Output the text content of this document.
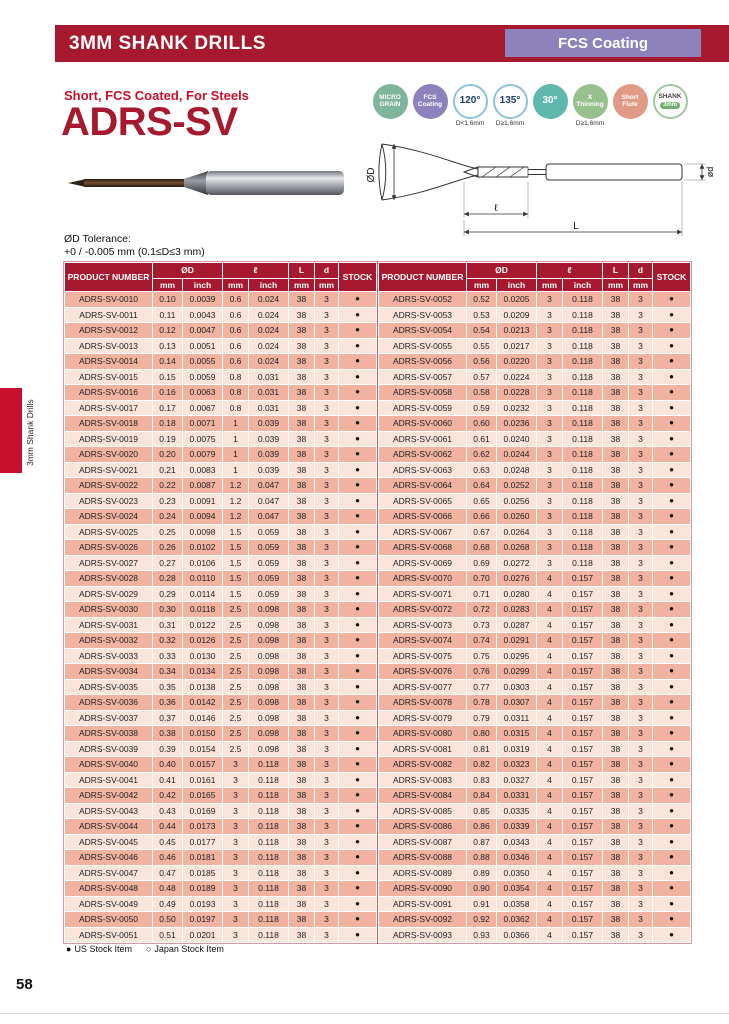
3MM SHANK DRILLS	FCS Coating
Short, FCS Coated, For Steels
ADRS-SV
MICRO
GRAIN
FCS
Coating 120°
D<1.6mm
135°
D≥1.6mm
30°	X
Thinning
D≥1.6mm
Short
Flute
SHANK
3mm
ØD
ℓ
L
ød
ØD Tolerance:
+0 / -0.005 mm (0.1≤D≤3 mm)
PRODUCT NUMBER	ØD		ℓ		L	d	STOCK
	mm	inch	mm	inch	mm	mm	
ADRS-SV-0010	0.10	0.0039	0.6	0.024	38	3	●
ADRS-SV-0011	0.11	0.0043	0.6	0.024	38	3	●
ADRS-SV-0012	0.12	0.0047	0.6	0.024	38	3	●
ADRS-SV-0013	0.13	0.0051	0.6	0.024	38	3	●
ADRS-SV-0014	0.14	0.0055	0.6	0.024	38	3	●
ADRS-SV-0015	0.15	0.0059	0.8	0.031	38	3	●
ADRS-SV-0016	0.16	0.0063	0.8	0.031	38	3	●
ADRS-SV-0017	0.17	0.0067	0.8	0.031	38	3	●
ADRS-SV-0018	0.18	0.0071	1	0.039	38	3	●
ADRS-SV-0019	0.19	0.0075	1	0.039	38	3	●
ADRS-SV-0020	0.20	0.0079	1	0.039	38	3	●
ADRS-SV-0021	0.21	0.0083	1	0.039	38	3	●
ADRS-SV-0022	0.22	0.0087	1.2	0.047	38	3	●
ADRS-SV-0023	0.23	0.0091	1.2	0.047	38	3	●
ADRS-SV-0024	0.24	0.0094	1.2	0.047	38	3	●
ADRS-SV-0025	0.25	0.0098	1.5	0.059	38	3	●
ADRS-SV-0026	0.26	0.0102	1.5	0.059	38	3	●
ADRS-SV-0027	0.27	0.0106	1.5	0.059	38	3	●
ADRS-SV-0028	0.28	0.0110	1.5	0.059	38	3	●
ADRS-SV-0029	0.29	0.0114	1.5	0.059	38	3	●
ADRS-SV-0030	0.30	0.0118	2.5	0.098	38	3	●
ADRS-SV-0031	0.31	0.0122	2.5	0.098	38	3	●
ADRS-SV-0032	0.32	0.0126	2.5	0.098	38	3	●
ADRS-SV-0033	0.33	0.0130	2.5	0.098	38	3	●
ADRS-SV-0034	0.34	0.0134	2.5	0.098	38	3	●
ADRS-SV-0035	0.35	0.0138	2.5	0.098	38	3	●
ADRS-SV-0036	0.36	0.0142	2.5	0.098	38	3	●
ADRS-SV-0037	0.37	0.0146	2.5	0.098	38	3	●
ADRS-SV-0038	0.38	0.0150	2.5	0.098	38	3	●
ADRS-SV-0039	0.39	0.0154	2.5	0.098	38	3	●
ADRS-SV-0040	0.40	0.0157	3	0.118	38	3	●
ADRS-SV-0041	0.41	0.0161	3	0.118	38	3	●
ADRS-SV-0042	0.42	0.0165	3	0.118	38	3	●
ADRS-SV-0043	0.43	0.0169	3	0.118	38	3	●
ADRS-SV-0044	0.44	0.0173	3	0.118	38	3	●
ADRS-SV-0045	0.45	0.0177	3	0.118	38	3	●
ADRS-SV-0046	0.46	0.0181	3	0.118	38	3	●
ADRS-SV-0047	0.47	0.0185	3	0.118	38	3	●
ADRS-SV-0048	0.48	0.0189	3	0.118	38	3	●
ADRS-SV-0049	0.49	0.0193	3	0.118	38	3	●
ADRS-SV-0050	0.50	0.0197	3	0.118	38	3	●
ADRS-SV-0051	0.51	0.0201	3	0.118	38	3	●
PRODUCT NUMBER	ØD		ℓ		L	d	STOCK
	mm	inch	mm	inch	mm	mm	
ADRS-SV-0052	0.52	0.0205	3	0.118	38	3	●
ADRS-SV-0053	0.53	0.0209	3	0.118	38	3	●
ADRS-SV-0054	0.54	0.0213	3	0.118	38	3	●
ADRS-SV-0055	0.55	0.0217	3	0.118	38	3	●
ADRS-SV-0056	0.56	0.0220	3	0.118	38	3	●
ADRS-SV-0057	0.57	0.0224	3	0.118	38	3	●
ADRS-SV-0058	0.58	0.0228	3	0.118	38	3	●
ADRS-SV-0059	0.59	0.0232	3	0.118	38	3	●
ADRS-SV-0060	0.60	0.0236	3	0.118	38	3	●
ADRS-SV-0061	0.61	0.0240	3	0.118	38	3	●
ADRS-SV-0062	0.62	0.0244	3	0.118	38	3	●
ADRS-SV-0063	0.63	0.0248	3	0.118	38	3	●
ADRS-SV-0064	0.64	0.0252	3	0.118	38	3	●
ADRS-SV-0065	0.65	0.0256	3	0.118	38	3	●
ADRS-SV-0066	0.66	0.0260	3	0.118	38	3	●
ADRS-SV-0067	0.67	0.0264	3	0.118	38	3	●
ADRS-SV-0068	0.68	0.0268	3	0.118	38	3	●
ADRS-SV-0069	0.69	0.0272	3	0.118	38	3	●
ADRS-SV-0070	0.70	0.0276	4	0.157	38	3	●
ADRS-SV-0071	0.71	0.0280	4	0.157	38	3	●
ADRS-SV-0072	0.72	0.0283	4	0.157	38	3	●
ADRS-SV-0073	0.73	0.0287	4	0.157	38	3	●
ADRS-SV-0074	0.74	0.0291	4	0.157	38	3	●
ADRS-SV-0075	0.75	0.0295	4	0.157	38	3	●
ADRS-SV-0076	0.76	0.0299	4	0.157	38	3	●
ADRS-SV-0077	0.77	0.0303	4	0.157	38	3	●
ADRS-SV-0078	0.78	0.0307	4	0.157	38	3	●
ADRS-SV-0079	0.79	0.0311	4	0.157	38	3	●
ADRS-SV-0080	0.80	0.0315	4	0.157	38	3	●
ADRS-SV-0081	0.81	0.0319	4	0.157	38	3	●
ADRS-SV-0082	0.82	0.0323	4	0.157	38	3	●
ADRS-SV-0083	0.83	0.0327	4	0.157	38	3	●
ADRS-SV-0084	0.84	0.0331	4	0.157	38	3	●
ADRS-SV-0085	0.85	0.0335	4	0.157	38	3	●
ADRS-SV-0086	0.86	0.0339	4	0.157	38	3	●
ADRS-SV-0087	0.87	0.0343	4	0.157	38	3	●
ADRS-SV-0088	0.88	0.0346	4	0.157	38	3	●
ADRS-SV-0089	0.89	0.0350	4	0.157	38	3	●
ADRS-SV-0090	0.90	0.0354	4	0.157	38	3	●
ADRS-SV-0091	0.91	0.0358	4	0.157	38	3	●
ADRS-SV-0092	0.92	0.0362	4	0.157	38	3	●
ADRS-SV-0093	0.93	0.0366	4	0.157	38	3	●
● US Stock Item ○ Japan Stock Item
3mm Shank Drills
58
